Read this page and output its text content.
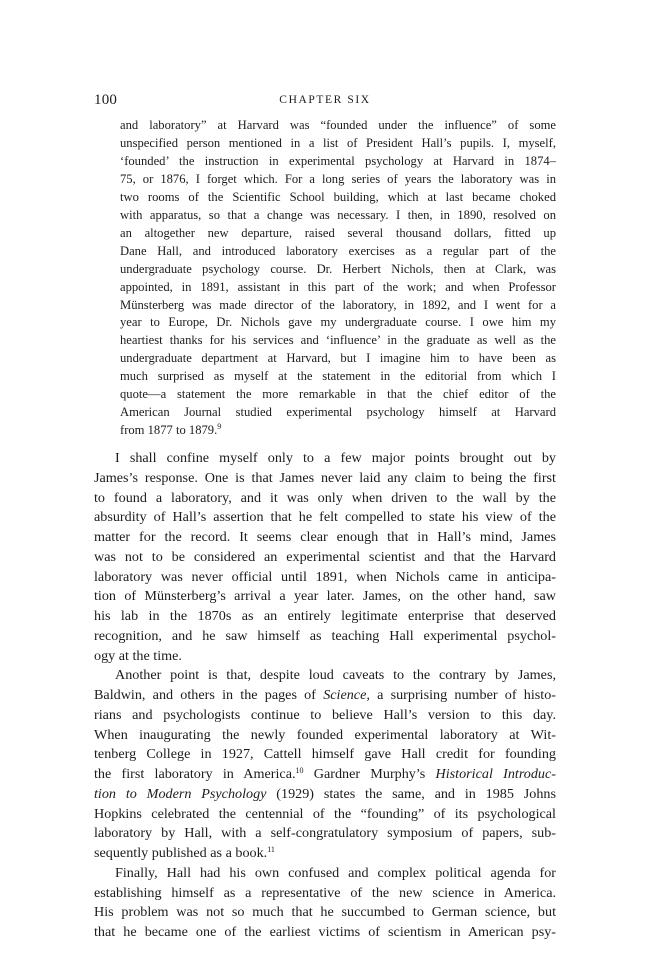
100	CHAPTER SIX
and laboratory” at Harvard was “founded under the influence” of some
unspecified person mentioned in a list of President Hall’s pupils. I, myself,
‘founded’ the instruction in experimental psychology at Harvard in 1874–
75, or 1876, I forget which. For a long series of years the laboratory was in
two rooms of the Scientific School building, which at last became choked
with apparatus, so that a change was necessary. I then, in 1890, resolved on
an altogether new departure, raised several thousand dollars, fitted up
Dane Hall, and introduced laboratory exercises as a regular part of the
undergraduate psychology course. Dr. Herbert Nichols, then at Clark, was
appointed, in 1891, assistant in this part of the work; and when Professor
Münsterberg was made director of the laboratory, in 1892, and I went for a
year to Europe, Dr. Nichols gave my undergraduate course. I owe him my
heartiest thanks for his services and ‘influence’ in the graduate as well as the
undergraduate department at Harvard, but I imagine him to have been as
much surprised as myself at the statement in the editorial from which I
quote—a statement the more remarkable in that the chief editor of the
American Journal studied experimental psychology himself at Harvard
from 1877 to 1879.$^9$
I shall confine myself only to a few major points brought out by
James’s response. One is that James never laid any claim to being the first
to found a laboratory, and it was only when driven to the wall by the
absurdity of Hall’s assertion that he felt compelled to state his view of the
matter for the record. It seems clear enough that in Hall’s mind, James
was not to be considered an experimental scientist and that the Harvard
laboratory was never official until 1891, when Nichols came in anticipa-
tion of Münsterberg’s arrival a year later. James, on the other hand, saw
his lab in the 1870s as an entirely legitimate enterprise that deserved
recognition, and he saw himself as teaching Hall experimental psychol-
ogy at the time.
Another point is that, despite loud caveats to the contrary by James,
Baldwin, and others in the pages of Science, a surprising number of histo-
rians and psychologists continue to believe Hall’s version to this day.
When inaugurating the newly founded experimental laboratory at Wit-
tenberg College in 1927, Cattell himself gave Hall credit for founding
the first laboratory in America.$^{10}$ Gardner Murphy’s Historical Introduc-
tion to Modern Psychology (1929) states the same, and in 1985 Johns
Hopkins celebrated the centennial of the “founding” of its psychological
laboratory by Hall, with a self-congratulatory symposium of papers, sub-
sequently published as a book.$^{11}$
Finally, Hall had his own confused and complex political agenda for
establishing himself as a representative of the new science in America.
His problem was not so much that he succumbed to German science, but
that he became one of the earliest victims of scientism in American psy-
